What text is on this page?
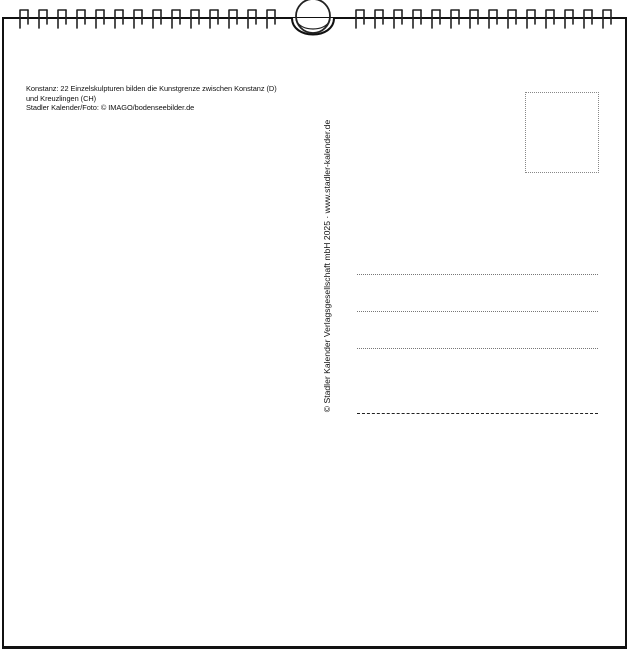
Konstanz: 22 Einzelskulpturen bilden die Kunstgrenze zwischen Konstanz (D)
und Kreuzlingen (CH)
Stadler Kalender/Foto: © IMAGO/bodenseebilder.de
© Stadler Kalender Verlagsgesellschaft mbH 2025 · www.stadler-kalender.de
